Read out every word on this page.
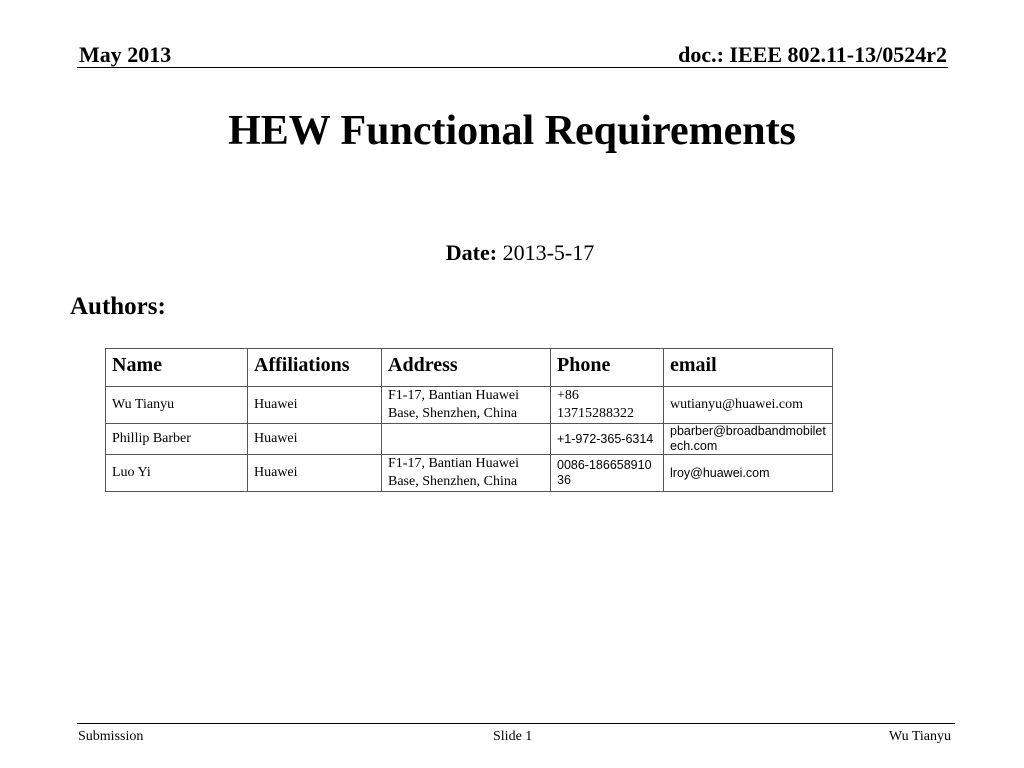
May 2013	doc.: IEEE 802.11-13/0524r2
HEW Functional Requirements
Date: 2013-5-17
Authors:
Name	Affiliations	Address	Phone	email
Wu Tianyu	Huawei	F1-17, Bantian Huawei Base, Shenzhen, China	+86 13715288322	wutianyu@huawei.com
Phillip Barber	Huawei		+1-972-365-6314	pbarber@broadbandmobiletech.com
Luo Yi	Huawei	F1-17, Bantian Huawei Base, Shenzhen, China	0086-18665891036	lroy@huawei.com
Submission	Slide 1	Wu Tianyu
